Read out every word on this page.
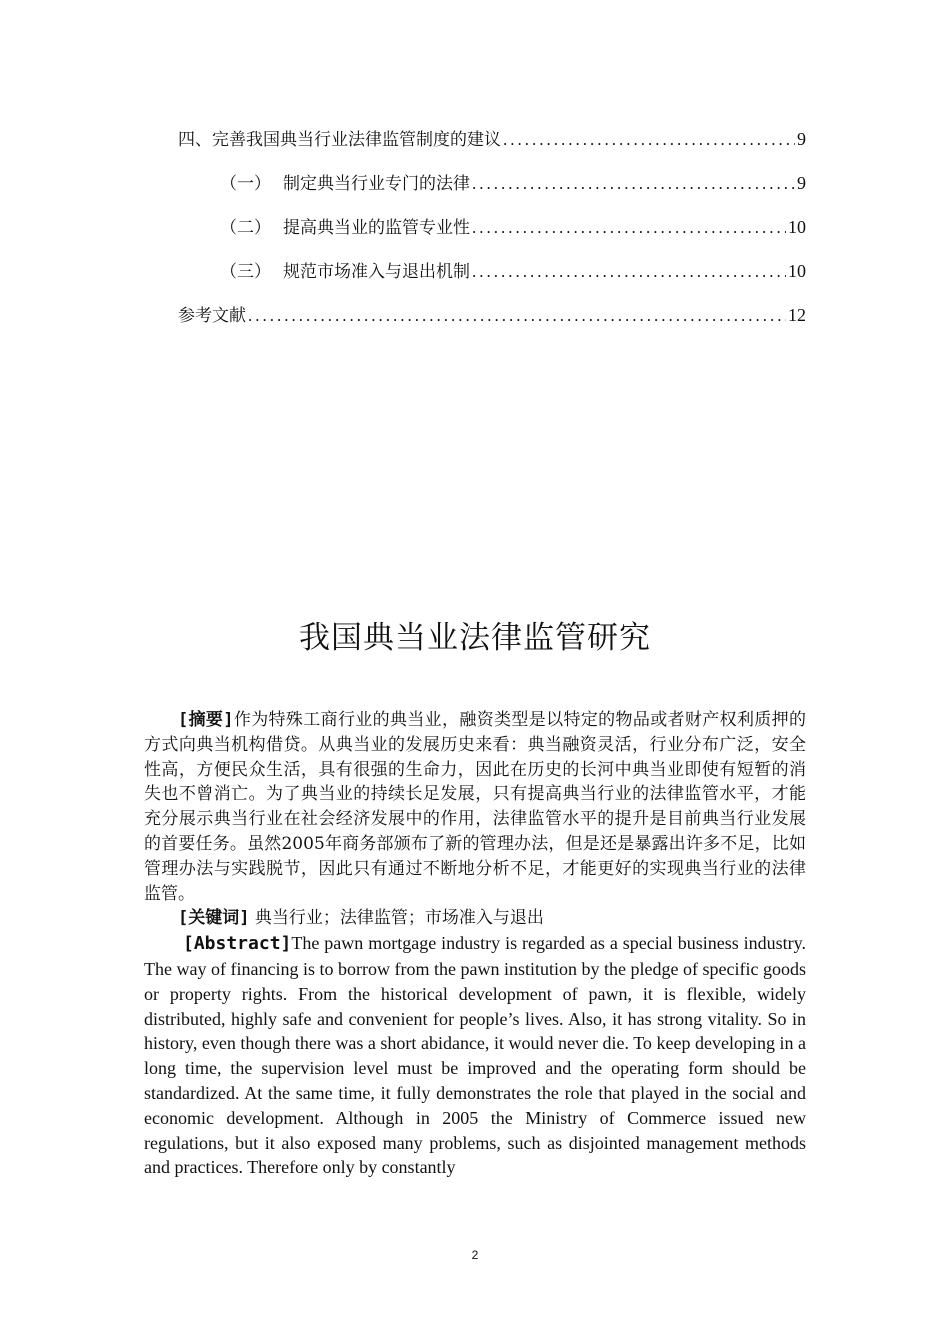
四、完善我国典当行业法律监管制度的建议 .....	9
（一） 制定典当行业专门的法律 .....	9
（二） 提高典当业的监管专业性 .....	10
（三） 规范市场准入与退出机制 .....	10
参考文献 .....	12
我国典当业法律监管研究

[摘要]作为特殊工商行业的典当业，融资类型是以特定的物品或者财产权利质押的方式向典当机构借贷。从典当业的发展历史来看：典当融资灵活，行业分布广泛，安全性高，方便民众生活，具有很强的生命力，因此在历史的长河中典当业即使有短暂的消失也不曾消亡。为了典当业的持续长足发展，只有提高典当行业的法律监管水平，才能充分展示典当行业在社会经济发展中的作用，法律监管水平的提升是目前典当行业发展的首要任务。虽然2005年商务部颁布了新的管理办法，但是还是暴露出许多不足，比如管理办法与实践脱节，因此只有通过不断地分析不足，才能更好的实现典当行业的法律监管。

[关键词] 典当行业；法律监管；市场准入与退出

[Abstract]The pawn mortgage industry is regarded as a special business industry. The way of financing is to borrow from the pawn institution by the pledge of specific goods or property rights. From the historical development of pawn, it is flexible, widely distributed, highly safe and convenient for people’s lives. Also, it has strong vitality. So in history, even though there was a short abidance, it would never die. To keep developing in a long time, the supervision level must be improved and the operating form should be standardized. At the same time, it fully demonstrates the role that played in the social and economic development. Although in 2005 the Ministry of Commerce issued new regulations, but it also exposed many problems, such as disjointed management methods and practices. Therefore only by constantly

2
